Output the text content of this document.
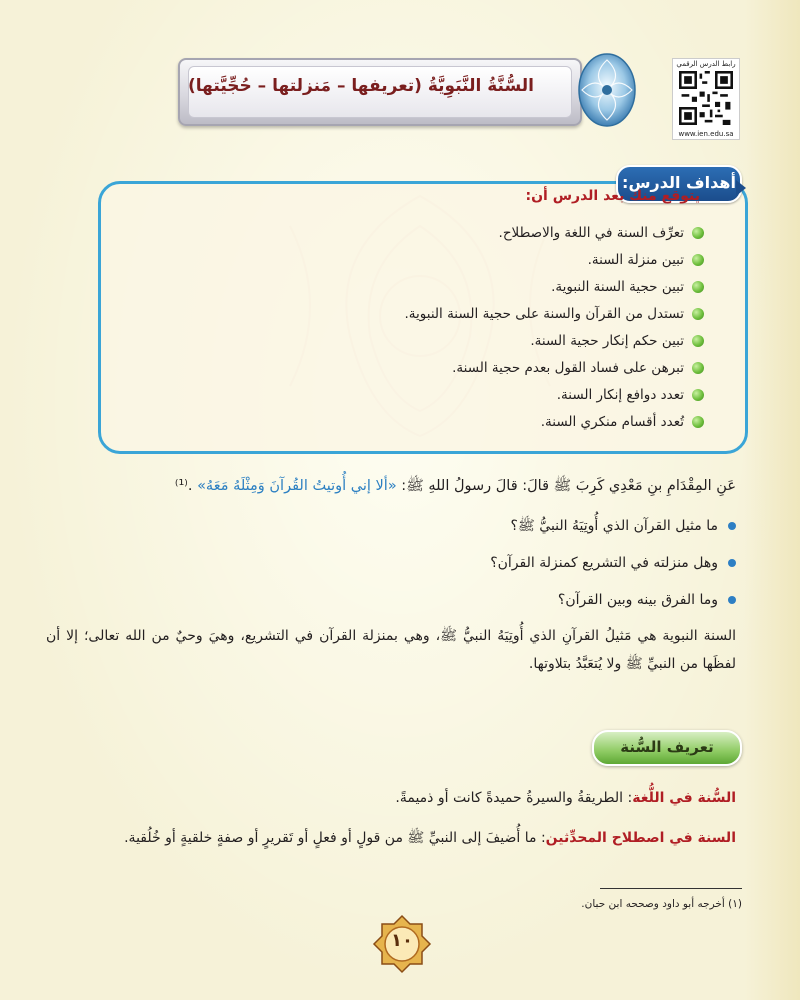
رابط الدرس الرقمي
www.ien.edu.sa
السُّنَّةُ النَّبَوِيَّةُ (تعريفها – مَنزلتها – حُجِّيَّتها)
أهداف الدرس:
يتوقع منك بعد الدرس أن:
تعرِّف السنة في اللغة والاصطلاح.
تبين منزلة السنة.
تبين حجية السنة النبوية.
تستدل من القرآن والسنة على حجية السنة النبوية.
تبين حكم إنكار حجية السنة.
تبرهن على فساد القول بعدم حجية السنة.
تعدد دوافع إنكار السنة.
تُعدد أقسام منكري السنة.
عَنِ المِقْدَامِ بنِ مَعْدِي كَرِبَ ﷺ قالَ: قالَ رسولُ اللهِ ﷺ: «ألا إني أُوتيتُ القُرآنَ وَمِثْلَهُ مَعَهُ» .⁽¹⁾
ما مثيل القرآن الذي أُوتِيَهُ النبيُّ ﷺ؟
وهل منزلته في التشريع كمنزلة القرآن؟
وما الفرق بينه وبين القرآن؟
السنة النبوية هي مَثيلُ القرآنِ الذي أُوتِيَهُ النبيُّ ﷺ، وهي بمنزلة القرآن في التشريع، وهيَ وحيٌ من الله تعالى؛ إلا أن لفظَها من النبيِّ ﷺ ولا يُتعَبَّدُ بتلاوتها.
تعريف السُّنة
السُّنة في اللُّغة: الطريقةُ والسيرةُ حميدةً كانت أو ذميمةً.
السنة في اصطلاح المحدِّثين: ما أُضيفَ إلى النبيِّ ﷺ من قولٍ أو فعلٍ أو تَقريرٍ أو صفةٍ خلقيةٍ أو خُلُقية.
(١) أخرجه أبو داود وصححه ابن حبان.
١٠
